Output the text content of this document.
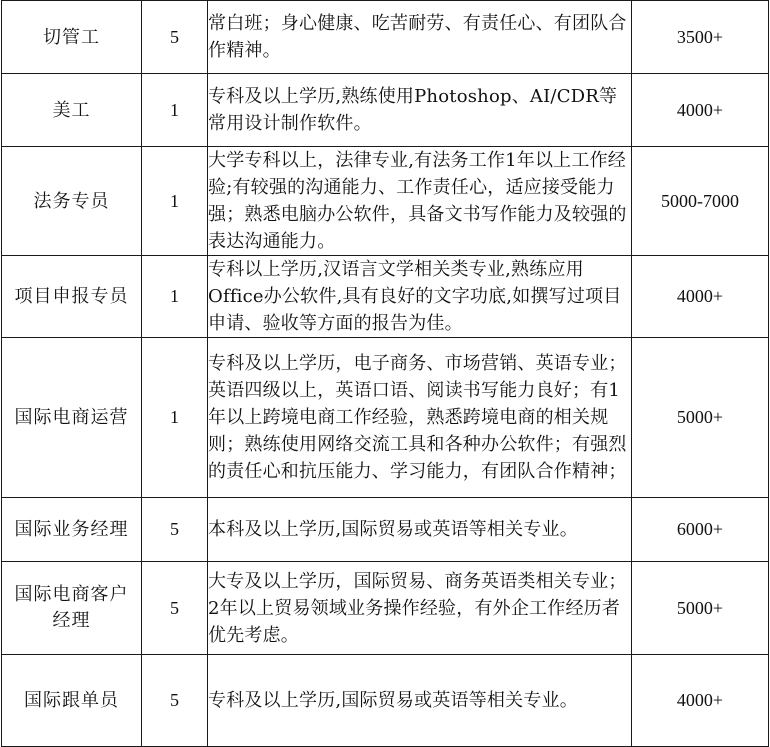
切管工	5	常白班；身心健康、吃苦耐劳、有责任心、有团队合作精神。	3500+
美工	1	专科及以上学历,熟练使用Photoshop、AI/CDR等常用设计制作软件。	4000+
法务专员	1	大学专科以上，法律专业,有法务工作1年以上工作经验;有较强的沟通能力、工作责任心，适应接受能力强；熟悉电脑办公软件，具备文书写作能力及较强的表达沟通能力。	5000-7000
项目申报专员	1	专科以上学历,汉语言文学相关类专业,熟练应用Office办公软件,具有良好的文字功底,如撰写过项目申请、验收等方面的报告为佳。	4000+
国际电商运营	1	专科及以上学历，电子商务、市场营销、英语专业；英语四级以上，英语口语、阅读书写能力良好；有1年以上跨境电商工作经验，熟悉跨境电商的相关规则；熟练使用网络交流工具和各种办公软件；有强烈的责任心和抗压能力、学习能力，有团队合作精神；	5000+
国际业务经理	5	本科及以上学历,国际贸易或英语等相关专业。	6000+
国际电商客户经理	5	大专及以上学历，国际贸易、商务英语类相关专业；2年以上贸易领域业务操作经验，有外企工作经历者优先考虑。	5000+
国际跟单员	5	专科及以上学历,国际贸易或英语等相关专业。	4000+
